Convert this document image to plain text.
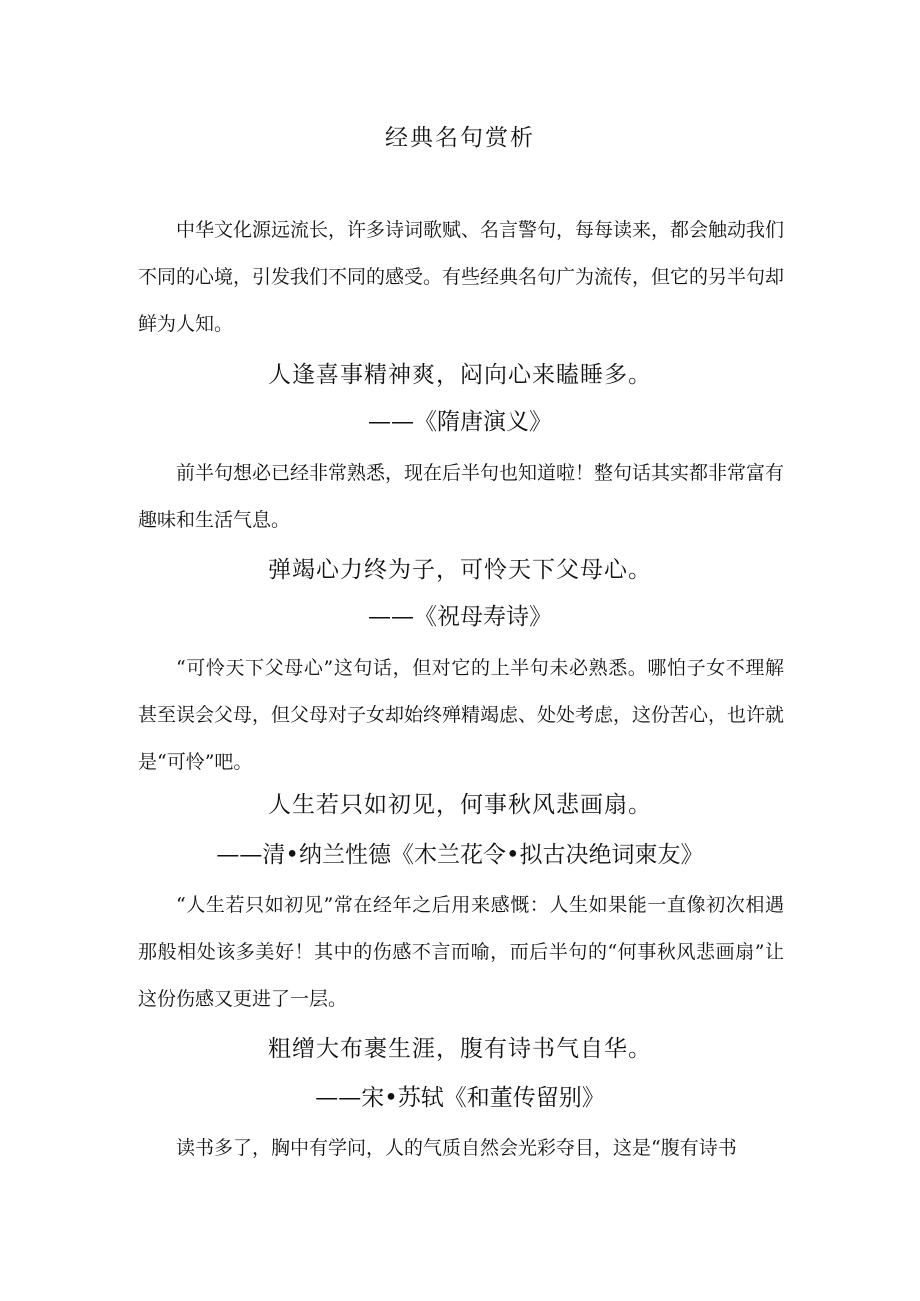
经典名句赏析

中华文化源远流长，许多诗词歌赋、名言警句，每每读来，都会触动我们不同的心境，引发我们不同的感受。有些经典名句广为流传，但它的另半句却鲜为人知。

人逢喜事精神爽，闷向心来瞌睡多。

——《隋唐演义》

前半句想必已经非常熟悉，现在后半句也知道啦！整句话其实都非常富有趣味和生活气息。

弹竭心力终为子，可怜天下父母心。

——《祝母寿诗》

“可怜天下父母心”这句话，但对它的上半句未必熟悉。哪怕子女不理解甚至误会父母，但父母对子女却始终殚精竭虑、处处考虑，这份苦心，也许就是“可怜”吧。

人生若只如初见，何事秋风悲画扇。

——清•纳兰性德《木兰花令•拟古决绝词柬友》

“人生若只如初见”常在经年之后用来感慨：人生如果能一直像初次相遇那般相处该多美好！其中的伤感不言而喻，而后半句的“何事秋风悲画扇”让这份伤感又更进了一层。

粗缯大布裹生涯，腹有诗书气自华。

——宋•苏轼《和董传留别》

读书多了，胸中有学问，人的气质自然会光彩夺目，这是“腹有诗书
